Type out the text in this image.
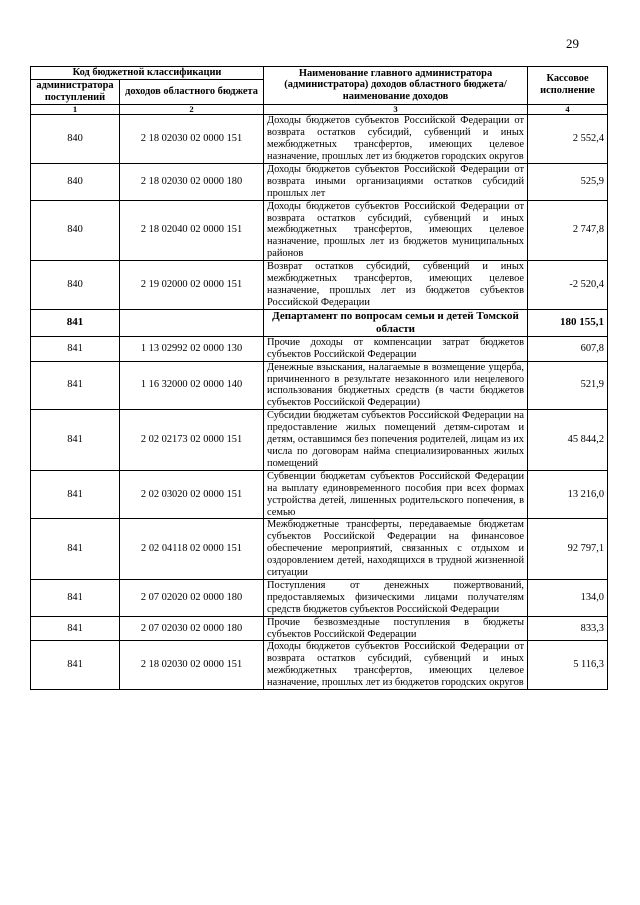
29
Код бюджетной классификации		Наименование главного администратора (администратора) доходов областного бюджета/ наименование доходов	Кассовое исполнение
администратора поступлений	доходов областного бюджета		
1	2	3	4
840	2 18 02030 02 0000 151	Доходы бюджетов субъектов Российской Федерации от возврата остатков субсидий, субвенций и иных межбюджетных трансфертов, имеющих целевое назначение, прошлых лет из бюджетов городских округов	2 552,4
840	2 18 02030 02 0000 180	Доходы бюджетов субъектов Российской Федерации от возврата иными организациями остатков субсидий прошлых лет	525,9
840	2 18 02040 02 0000 151	Доходы бюджетов субъектов Российской Федерации от возврата остатков субсидий, субвенций и иных межбюджетных трансфертов, имеющих целевое назначение, прошлых лет из бюджетов муниципальных районов	2 747,8
840	2 19 02000 02 0000 151	Возврат остатков субсидий, субвенций и иных межбюджетных трансфертов, имеющих целевое назначение, прошлых лет из бюджетов субъектов Российской Федерации	-2 520,4
841		Департамент по вопросам семьи и детей Томской области	180 155,1
841	1 13 02992 02 0000 130	Прочие доходы от компенсации затрат бюджетов субъектов Российской Федерации	607,8
841	1 16 32000 02 0000 140	Денежные взыскания, налагаемые в возмещение ущерба, причиненного в результате незаконного или нецелевого использования бюджетных средств (в части бюджетов субъектов Российской Федерации)	521,9
841	2 02 02173 02 0000 151	Субсидии бюджетам субъектов Российской Федерации на предоставление жилых помещений детям-сиротам и детям, оставшимся без попечения родителей, лицам из их числа по договорам найма специализированных жилых помещений	45 844,2
841	2 02 03020 02 0000 151	Субвенции бюджетам субъектов Российской Федерации на выплату единовременного пособия при всех формах устройства детей, лишенных родительского попечения, в семью	13 216,0
841	2 02 04118 02 0000 151	Межбюджетные трансферты, передаваемые бюджетам субъектов Российской Федерации на финансовое обеспечение мероприятий, связанных с отдыхом и оздоровлением детей, находящихся в трудной жизненной ситуации	92 797,1
841	2 07 02020 02 0000 180	Поступления от денежных пожертвований, предоставляемых физическими лицами получателям средств бюджетов субъектов Российской Федерации	134,0
841	2 07 02030 02 0000 180	Прочие безвозмездные поступления в бюджеты субъектов Российской Федерации	833,3
841	2 18 02030 02 0000 151	Доходы бюджетов субъектов Российской Федерации от возврата остатков субсидий, субвенций и иных межбюджетных трансфертов, имеющих целевое назначение, прошлых лет из бюджетов городских округов	5 116,3
